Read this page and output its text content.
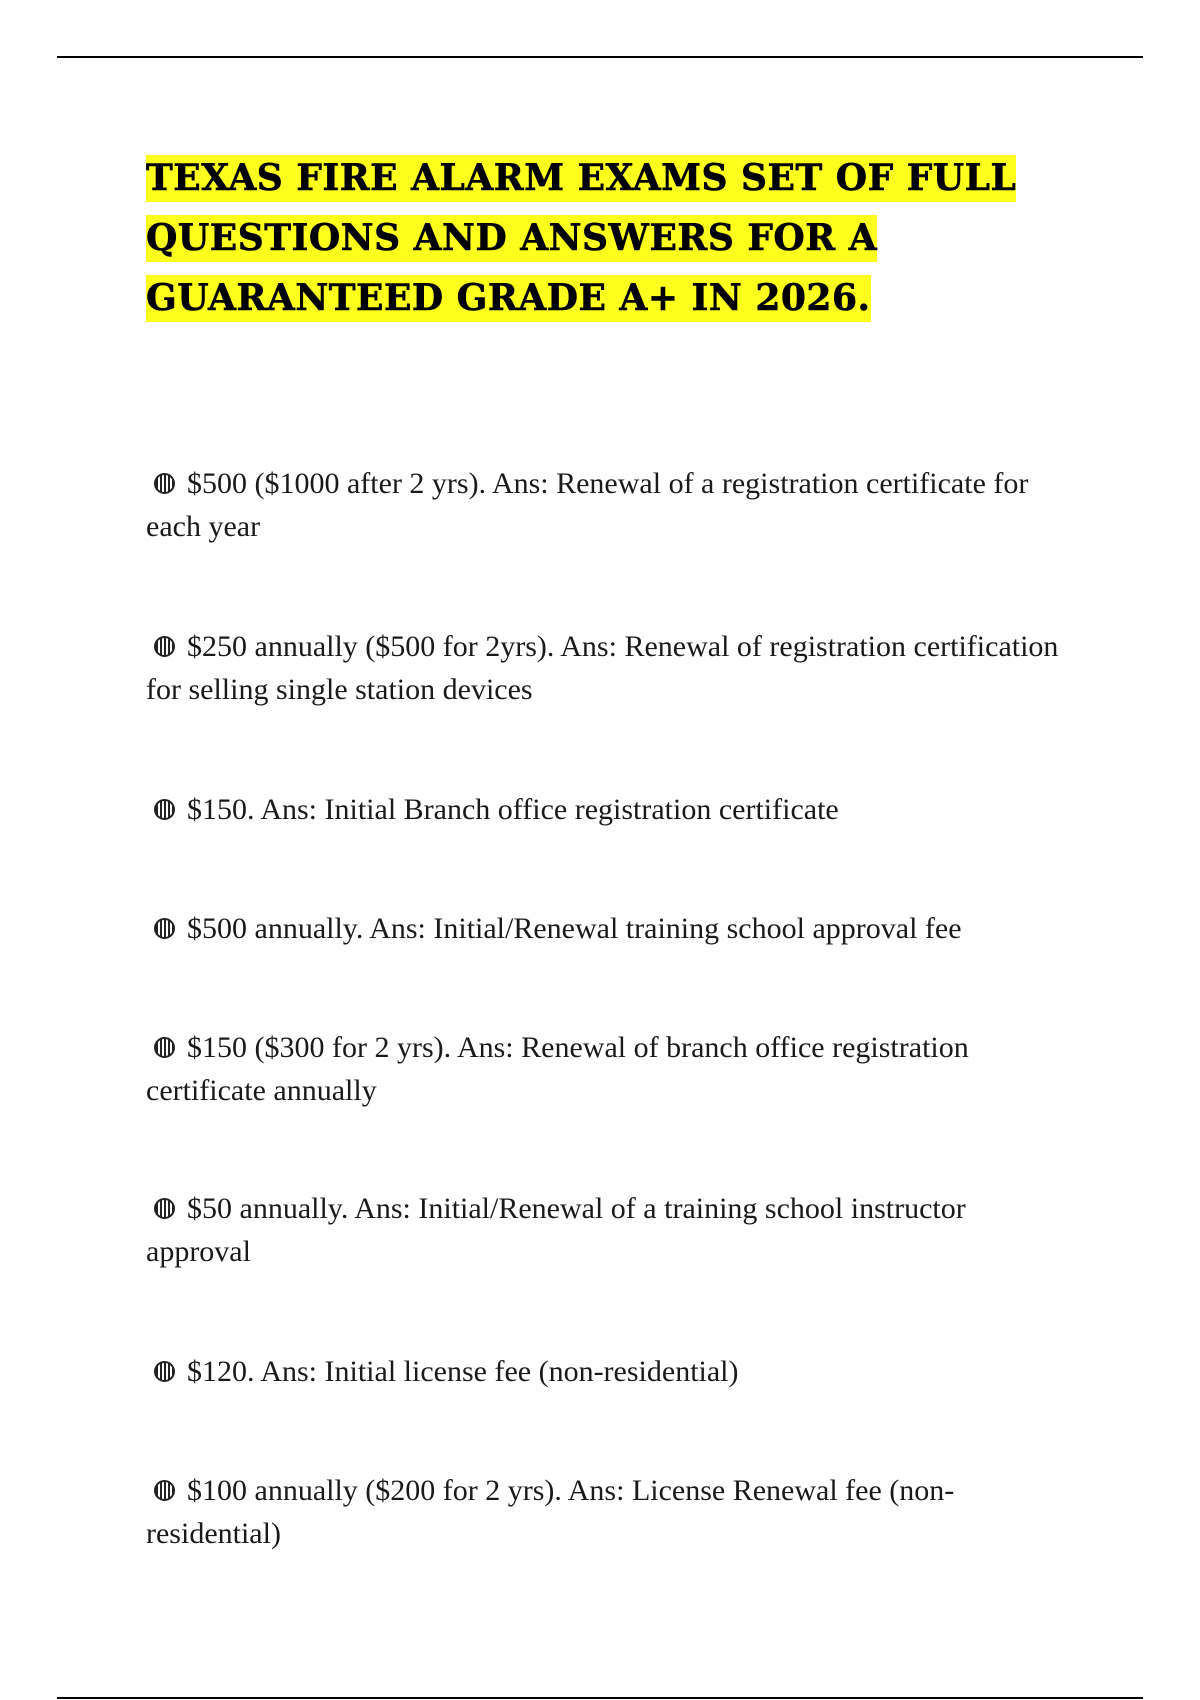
TEXAS FIRE ALARM EXAMS SET OF FULL QUESTIONS AND ANSWERS FOR A GUARANTEED GRADE A+ IN 2026.

$500 ($1000 after 2 yrs). Ans: Renewal of a registration certificate for each year

$250 annually ($500 for 2yrs). Ans: Renewal of registration certification for selling single station devices

$150. Ans: Initial Branch office registration certificate

$500 annually. Ans: Initial/Renewal training school approval fee

$150 ($300 for 2 yrs). Ans: Renewal of branch office registration certificate annually

$50 annually. Ans: Initial/Renewal of a training school instructor approval

$120. Ans: Initial license fee (non-residential)

$100 annually ($200 for 2 yrs). Ans: License Renewal fee (non-residential)
